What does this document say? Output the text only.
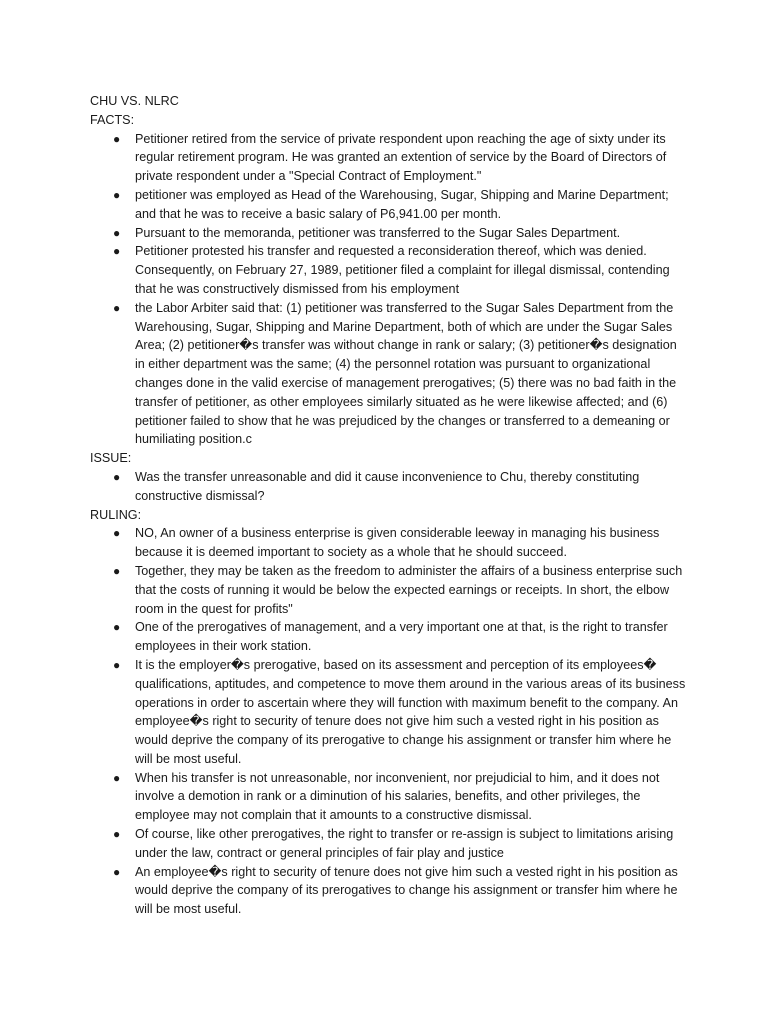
CHU VS. NLRC
FACTS:
● Petitioner retired from the service of private respondent upon reaching the age of sixty under its regular retirement program. He was granted an extention of service by the Board of Directors of private respondent under a "Special Contract of Employment."
● petitioner was employed as Head of the Warehousing, Sugar, Shipping and Marine Department; and that he was to receive a basic salary of P6,941.00 per month.
● Pursuant to the memoranda, petitioner was transferred to the Sugar Sales Department.
● Petitioner protested his transfer and requested a reconsideration thereof, which was denied. Consequently, on February 27, 1989, petitioner filed a complaint for illegal dismissal, contending that he was constructively dismissed from his employment
● the Labor Arbiter said that: (1) petitioner was transferred to the Sugar Sales Department from the Warehousing, Sugar, Shipping and Marine Department, both of which are under the Sugar Sales Area; (2) petitioner�s transfer was without change in rank or salary; (3) petitioner�s designation in either department was the same; (4) the personnel rotation was pursuant to organizational changes done in the valid exercise of management prerogatives; (5) there was no bad faith in the transfer of petitioner, as other employees similarly situated as he were likewise affected; and (6) petitioner failed to show that he was prejudiced by the changes or transferred to a demeaning or humiliating position.c
ISSUE:
● Was the transfer unreasonable and did it cause inconvenience to Chu, thereby constituting constructive dismissal?
RULING:
● NO, An owner of a business enterprise is given considerable leeway in managing his business because it is deemed important to society as a whole that he should succeed.
● Together, they may be taken as the freedom to administer the affairs of a business enterprise such that the costs of running it would be below the expected earnings or receipts. In short, the elbow room in the quest for profits"
● One of the prerogatives of management, and a very important one at that, is the right to transfer employees in their work station.
● It is the employer�s prerogative, based on its assessment and perception of its employees� qualifications, aptitudes, and competence to move them around in the various areas of its business operations in order to ascertain where they will function with maximum benefit to the company. An employee�s right to security of tenure does not give him such a vested right in his position as would deprive the company of its prerogative to change his assignment or transfer him where he will be most useful.
● When his transfer is not unreasonable, nor inconvenient, nor prejudicial to him, and it does not involve a demotion in rank or a diminution of his salaries, benefits, and other privileges, the employee may not complain that it amounts to a constructive dismissal.
● Of course, like other prerogatives, the right to transfer or re-assign is subject to limitations arising under the law, contract or general principles of fair play and justice
● An employee�s right to security of tenure does not give him such a vested right in his position as would deprive the company of its prerogatives to change his assignment or transfer him where he will be most useful.
